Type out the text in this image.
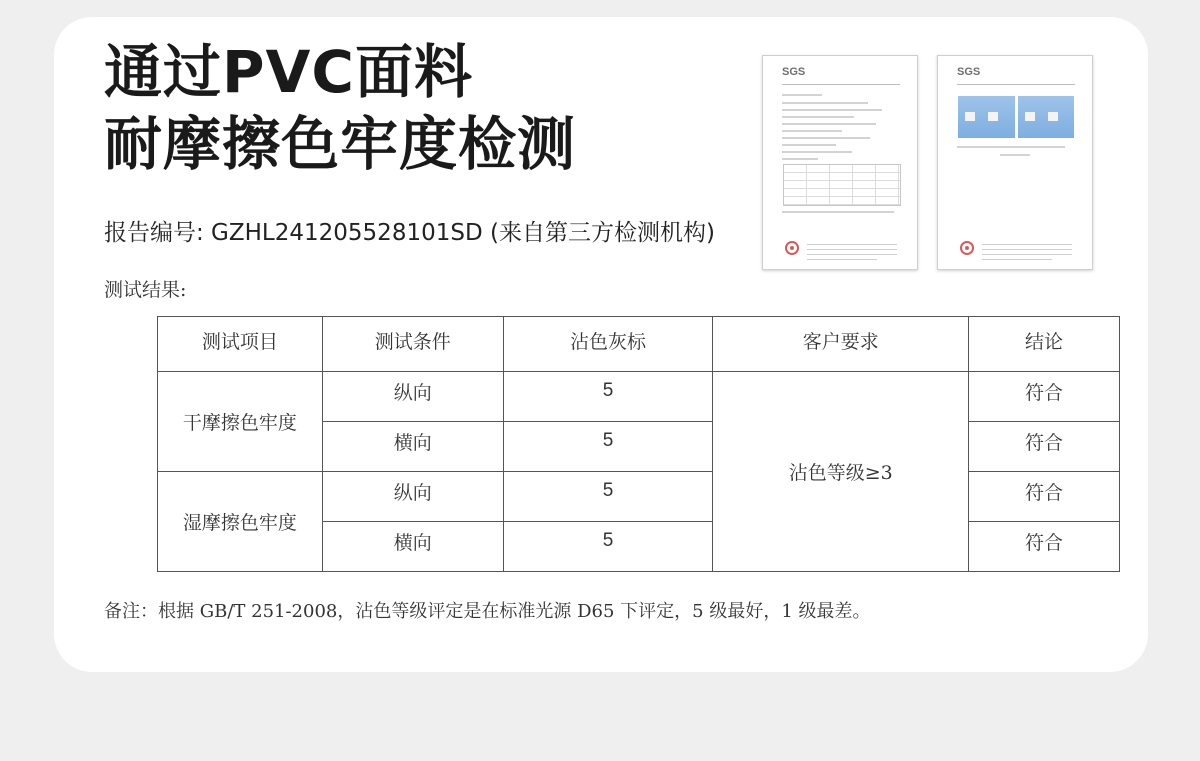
通过PVC面料
耐摩擦色牢度检测
报告编号: GZHL241205528101SD (来自第三方检测机构)
SGS	SGS
测试结果:
测试项目	测试条件	沾色灰标	客户要求	结论
干摩擦色牢度	纵向	5	沾色等级≥3	符合
	横向	5		符合
湿摩擦色牢度	纵向	5		符合
	横向	5		符合
备注：根据 GB/T 251-2008，沾色等级评定是在标准光源 D65 下评定，5 级最好，1 级最差。
